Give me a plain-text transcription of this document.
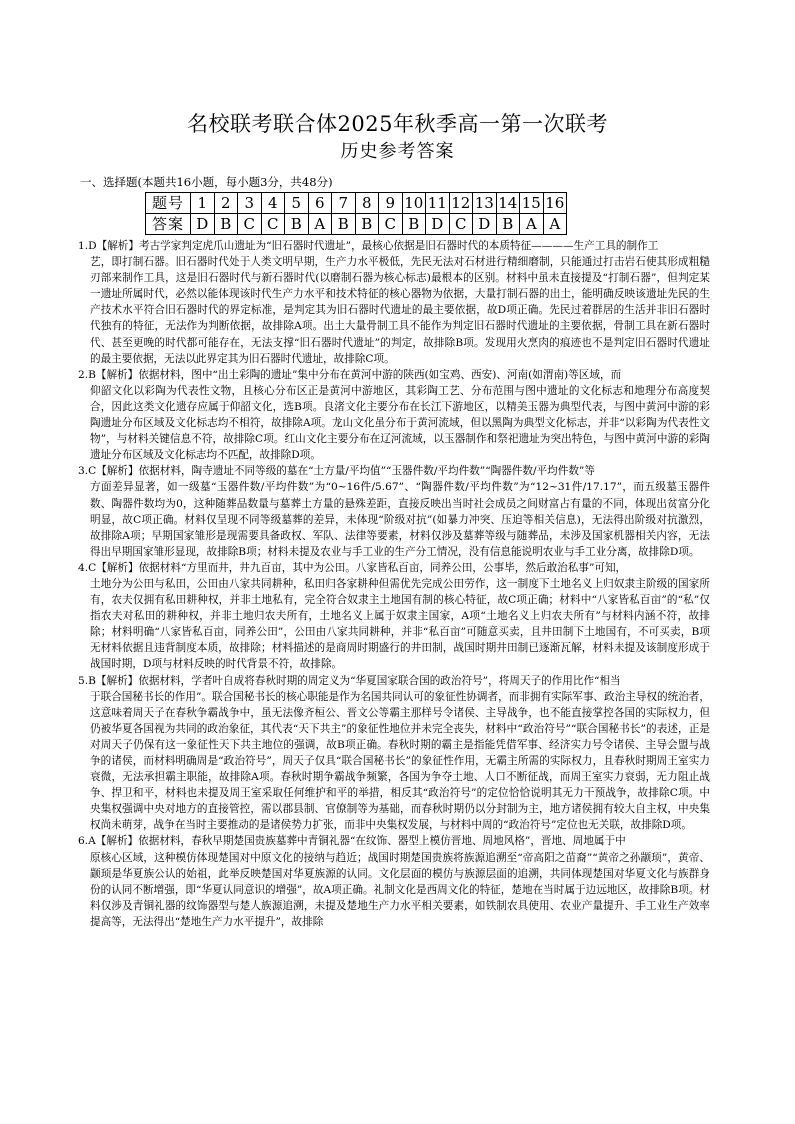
名校联考联合体2025年秋季高一第一次联考
历史参考答案
一、选择题(本题共16小题，每小题3分，共48分)
题号	1	2	3	4	5	6	7	8	9	10	11	12	13	14	15	16
答案	D	B	C	C	B	A	B	B	C	B	D	C	D	B	A	A
1.D【解析】考古学家判定虎爪山遗址为“旧石器时代遗址”，最核心依据是旧石器时代的本质特征————生产工具的制作工
艺，即打制石器。旧石器时代处于人类文明早期，生产力水平极低，先民无法对石材进行精细磨制，只能通过打击岩石使其形成粗糙刃部来制作工具，这是旧石器时代与新石器时代(以磨制石器为核心标志)最根本的区别。材料中虽未直接提及“打制石器”，但判定某一遗址所属时代，必然以能体现该时代生产力水平和技术特征的核心器物为依据，大量打制石器的出土，能明确反映该遗址先民的生产技术水平符合旧石器时代的界定标准，是判定其为旧石器时代遗址的最主要依据，故D项正确。先民过着群居的生活并非旧石器时代独有的特征，无法作为判断依据，故排除A项。出土大量骨制工具不能作为判定旧石器时代遗址的主要依据，骨制工具在新石器时代、甚至更晚的时代都可能存在，无法支撑“旧石器时代遗址”的判定，故排除B项。发现用火烹肉的痕迹也不是判定旧石器时代遗址的最主要依据，无法以此界定其为旧石器时代遗址，故排除C项。
2.B【解析】依据材料，图中“出土彩陶的遗址”集中分布在黄河中游的陕西(如宝鸡、西安)、河南(如渭南)等区域，而
仰韶文化以彩陶为代表性文物，且核心分布区正是黄河中游地区，其彩陶工艺、分布范围与图中遗址的文化标志和地理分布高度契合，因此这类文化遗存应属于仰韶文化，选B项。良渚文化主要分布在长江下游地区，以精美玉器为典型代表，与图中黄河中游的彩陶遗址分布区域及文化标志均不相符，故排除A项。龙山文化虽分布于黄河流域，但以黑陶为典型文化标志，并非“以彩陶为代表性文物”，与材料关键信息不符，故排除C项。红山文化主要分布在辽河流域，以玉器制作和祭祀遗址为突出特色，与图中黄河中游的彩陶遗址分布区域及文化标志均不匹配，故排除D项。
3.C【解析】依据材料，陶寺遗址不同等级的墓在“土方量/平均值”“玉器件数/平均件数”“陶器件数/平均件数”等
方面差异显著，如一级墓“玉器件数/平均件数”为“0~16件/5.67”、“陶器件数/平均件数”为“12~31件/17.17”，而五级墓玉器件数、陶器件数均为0，这种随葬品数量与墓葬土方量的悬殊差距，直接反映出当时社会成员之间财富占有量的不同，体现出贫富分化明显，故C项正确。材料仅呈现不同等级墓葬的差异，未体现“阶级对抗”(如暴力冲突、压迫等相关信息)，无法得出阶级对抗激烈，故排除A项；早期国家雏形是现需要具备政权、军队、法律等要素，材料仅涉及墓葬等级与随葬品，未涉及国家机器相关内容，无法得出早期国家雏形显现，故排除B项；材料未提及农业与手工业的生产分工情况，没有信息能说明农业与手工业分离，故排除D项。
4.C【解析】依据材料“方里而井，井九百亩，其中为公田。八家皆私百亩，同养公田，公事毕，然后敢治私事”可知，
土地分为公田与私田，公田由八家共同耕种，私田归各家耕种但需优先完成公田劳作，这一制度下土地名义上归奴隶主阶级的国家所有，农夫仅拥有私田耕种权，并非土地私有，完全符合奴隶主土地国有制的核心特征，故C项正确；材料中“八家皆私百亩”的“私”仅指农夫对私田的耕种权，并非土地归农夫所有，土地名义上属于奴隶主国家，A项“土地名义上归农夫所有”与材料内涵不符，故排除；材料明确“八家皆私百亩，同养公田”，公田由八家共同耕种，并非“私百亩”可随意买卖，且井田制下土地国有，不可买卖，B项无材料依据且违背制度本质，故排除；材料描述的是商周时期盛行的井田制，战国时期井田制已逐渐瓦解，材料未提及该制度形成于战国时期，D项与材料反映的时代背景不符，故排除。
5.B【解析】依据材料，学者叶自成将春秋时期的周定义为“华夏国家联合国的政治符号”，将周天子的作用比作“相当
于联合国秘书长的作用”。联合国秘书长的核心职能是作为名国共同认可的象征性协调者，而非拥有实际军事、政治主导权的统治者，这意味着周天子在春秋争霸战争中，虽无法像齐桓公、晋文公等霸主那样号令诸侯、主导战争，也不能直接掌控各国的实际权力，但仍被华夏各国视为共同的政治象征，其代表“天下共主”的象征性地位并未完全丧失，材料中“政治符号”“联合国秘书长”的表述，正是对周天子仍保有这一象征性天下共主地位的强调，故B项正确。春秋时期的霸主是指能凭借军事、经济实力号令诸侯、主导会盟与战争的诸侯，而材料明确周是“政治符号”，周天子仅具“联合国秘书长”的象征性作用，无霸主所需的实际权力，且春秋时期周王室实力衰微，无法承担霸主职能，故排除A项。春秋时期争霸战争频繁，各国为争夺土地、人口不断征战，而周王室实力衰弱，无力阻止战争、捍卫和平，材料也未提及周王室采取任何维护和平的举措，相反其“政治符号”的定位恰恰说明其无力干预战争，故排除C项。中央集权强调中央对地方的直接管控，需以郡县制、官僚制等为基础，而春秋时期仍以分封制为主，地方诸侯拥有较大自主权，中央集权尚未萌芽，战争在当时主要推动的是诸侯势力扩张，而非中央集权发展，与材料中周的“政治符号”定位也无关联，故排除D项。
6.A【解析】依据材料，春秋早期楚国贵族墓葬中青铜礼器“在纹饰、器型上模仿晋地、周地风格”，晋地、周地属于中
原核心区域，这种模仿体现楚国对中原文化的接纳与趋近；战国时期楚国贵族将族源追溯至“帝高阳之苗裔”“黄帝之孙颛顼”，黄帝、颛顼是华夏族公认的始祖，此举反映楚国对华夏族源的认同。文化层面的模仿与族源层面的追溯，共同体现楚国对华夏文化与族群身份的认同不断增强，即“华夏认同意识的增强”，故A项正确。礼制文化是西周文化的特征，楚地在当时属于边远地区，故排除B项。材料仅涉及青铜礼器的纹饰器型与楚人族源追溯，未提及楚地生产力水平相关要素，如铁制农具使用、农业产量提升、手工业生产效率提高等，无法得出“楚地生产力水平提升”，故排除
